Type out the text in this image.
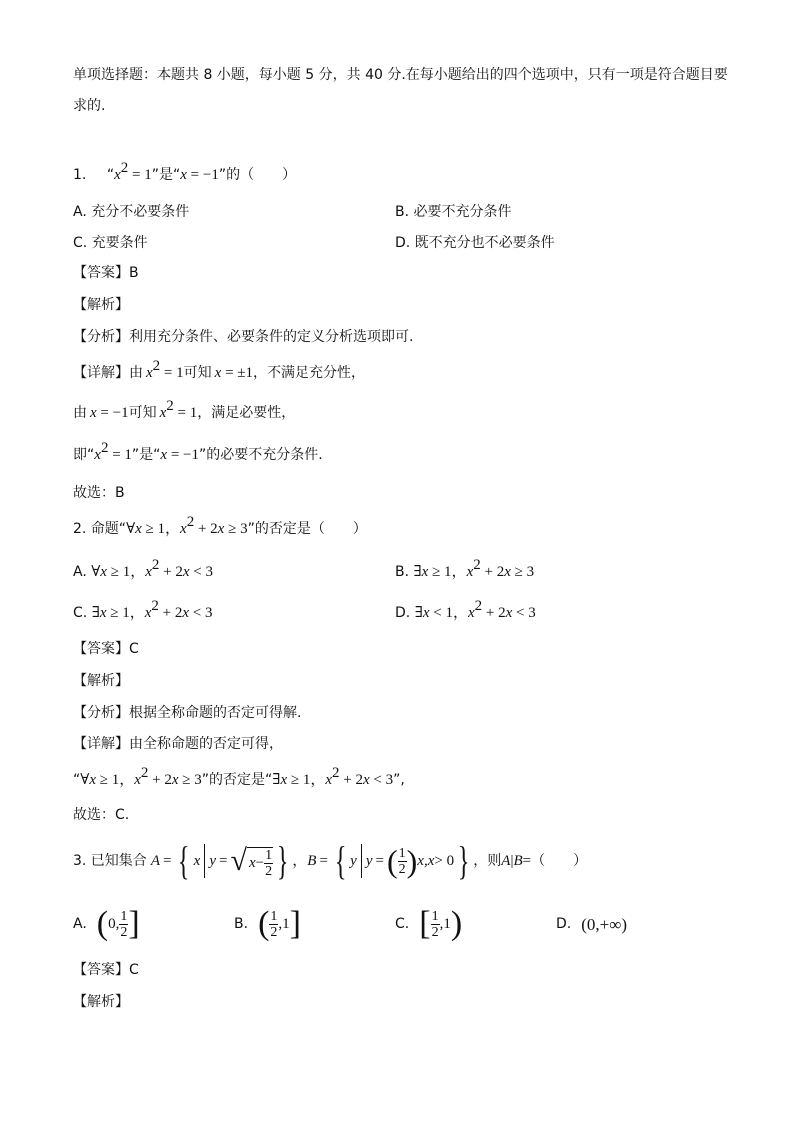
单项选择题：本题共 8 小题，每小题 5 分，共 40 分.在每小题给出的四个选项中，只有一项是符合题目要
求的.
1. “$x^2 = 1$”是“x = −1”的（　　）
A. 充分不必要条件	B. 必要不充分条件
C. 充要条件	D. 既不充分也不必要条件
【答案】B
【解析】
【分析】利用充分条件、必要条件的定义分析选项即可.
【详解】由 $x^2 = 1$可知 x = ±1，不满足充分性，
由 x = −1可知 $x^2 = 1$，满足必要性，
即“$x^2 = 1$”是“x = −1”的必要不充分条件.
故选：B
2. 命题“∀x ≥ 1，$x^2 + 2x \ge 3$”的否定是（　　）
A. ∀x ≥ 1，$x^2 + 2x < 3$	B. ∃x ≥ 1，$x^2 + 2x \ge 3$
C. ∃x ≥ 1，$x^2 + 2x < 3$	D. ∃x < 1，$x^2 + 2x < 3$
【答案】C
【解析】
【分析】根据全称命题的否定可得解.
【详解】由全称命题的否定可得，
“∀x ≥ 1，$x^2 + 2x \ge 3$”的否定是“∃x ≥ 1，$x^2 + 2x < 3$”,
故选：C.
3. 已知集合 A = { x y = √ $x - \frac{1}{2}$ } ， B = { y y = ( $\frac{1}{2}$ ) x , x > 0 } ，则 A | B = （　　）
A. ( 0, $\frac{1}{2}$ ]	B. ( $\frac{1}{2} ,1$ ]	C. [ $\frac{1}{2} ,1$ )	D. (0,+∞)
【答案】C
【解析】
